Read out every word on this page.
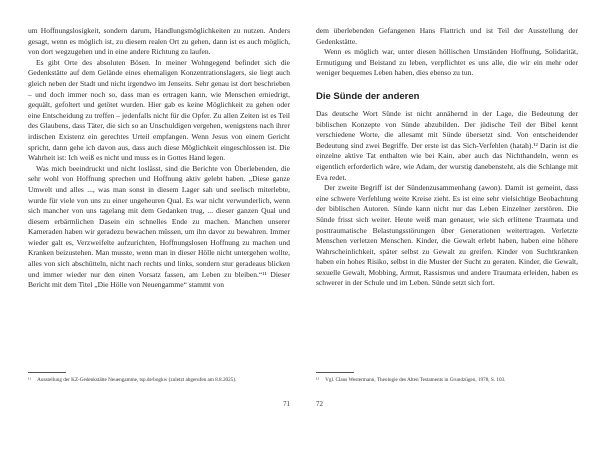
um Hoffnungslosigkeit, sondern darum, Handlungsmöglichkeiten zu nutzen. Anders gesagt, wenn es möglich ist, zu diesem realen Ort zu gehen, dann ist es auch möglich, von dort wegzugehen und in eine andere Richtung zu laufen.

Es gibt Orte des absoluten Bösen. In meiner Wohngegend befindet sich die Gedenkstätte auf dem Gelände eines ehemaligen Konzentrationslagers, sie liegt auch gleich neben der Stadt und nicht irgendwo im Jenseits. Sehr genau ist dort beschrieben – und doch immer noch so, dass man es ertragen kann, wie Menschen erniedrigt, gequält, gefoltert und getötet wurden. Hier gab es keine Möglichkeit zu gehen oder eine Entscheidung zu treffen – jedenfalls nicht für die Opfer. Zu allen Zeiten ist es Teil des Glaubens, dass Täter, die sich so an Unschuldigen vergehen, wenigstens nach ihrer irdischen Existenz ein gerechtes Urteil empfangen. Wenn Jesus von einem Gericht spricht, dann gehe ich davon aus, dass auch diese Möglichkeit eingeschlossen ist. Die Wahrheit ist: Ich weiß es nicht und muss es in Gottes Hand legen.

Was mich beeindruckt und nicht loslässt, sind die Berichte von Überlebenden, die sehr wohl von Hoffnung sprechen und Hoffnung aktiv gelebt haben. „Diese ganze Umwelt und alles ..., was man sonst in diesem Lager sah und seelisch miterlebte, wurde für viele von uns zu einer ungeheuren Qual. Es war nicht verwunderlich, wenn sich mancher von uns tagelang mit dem Gedanken trug, ... dieser ganzen Qual und diesem erbärmlichen Dasein ein schnelles Ende zu machen. Manchen unserer Kameraden haben wir geradezu bewachen müssen, um ihn davor zu bewahren. Immer wieder galt es, Verzweifelte aufzurichten, Hoffnungslosen Hoffnung zu machen und Kranken beizustehen. Man musste, wenn man in dieser Hölle nicht untergehen wollte, alles von sich abschütteln, nicht nach rechts und links, sondern stur geradeaus blicken und immer wieder nur den einen Vorsatz fassen, am Leben zu bleiben.“¹¹ Dieser Bericht mit dem Titel „Die Hölle von Neuengamme“ stammt von

¹¹ Ausstellung der KZ-Gedenkstätte Neuengamme, tsp.de/bogkw (zuletzt abgerufen am 8.8.2025).
71

dem überlebenden Gefangenen Hans Flattrich und ist Teil der Ausstellung der Gedenkstätte.

Wenn es möglich war, unter diesen höllischen Umständen Hoffnung, Solidarität, Ermutigung und Beistand zu leben, verpflichtet es uns alle, die wir ein mehr oder weniger bequemes Leben haben, dies ebenso zu tun.

Die Sünde der anderen

Das deutsche Wort Sünde ist nicht annähernd in der Lage, die Bedeutung der biblischen Konzepte von Sünde abzubilden. Der jüdische Teil der Bibel kennt verschiedene Worte, die allesamt mit Sünde übersetzt sind. Von entscheidender Bedeutung sind zwei Begriffe. Der erste ist das Sich-Verfehlen (hatah).¹² Darin ist die einzelne aktive Tat enthalten wie bei Kain, aber auch das Nichthandeln, wenn es eigentlich erforderlich wäre, wie Adam, der wurstig danebensteht, als die Schlange mit Eva redet.

Der zweite Begriff ist der Sündenzusammenhang (awon). Damit ist gemeint, dass eine schwere Verfehlung weite Kreise zieht. Es ist eine sehr vielsichtige Beobachtung der biblischen Autoren. Sünde kann nicht nur das Leben Einzelner zerstören. Die Sünde frisst sich weiter. Heute weiß man genauer, wie sich erlittene Traumata und posttraumatische Belastungsstörungen über Generationen weitertragen. Verletzte Menschen verletzen Menschen. Kinder, die Gewalt erlebt haben, haben eine höhere Wahrscheinlichkeit, später selbst zu Gewalt zu greifen. Kinder von Suchtkranken haben ein hohes Risiko, selbst in die Muster der Sucht zu geraten. Kinder, die Gewalt, sexuelle Gewalt, Mobbing, Armut, Rassismus und andere Traumata erleiden, haben es schwerer in der Schule und im Leben. Sünde setzt sich fort.

¹² Vgl. Claus Westermann, Theologie des Alten Testaments in Grundzügen, 1978, S. 103.
72
